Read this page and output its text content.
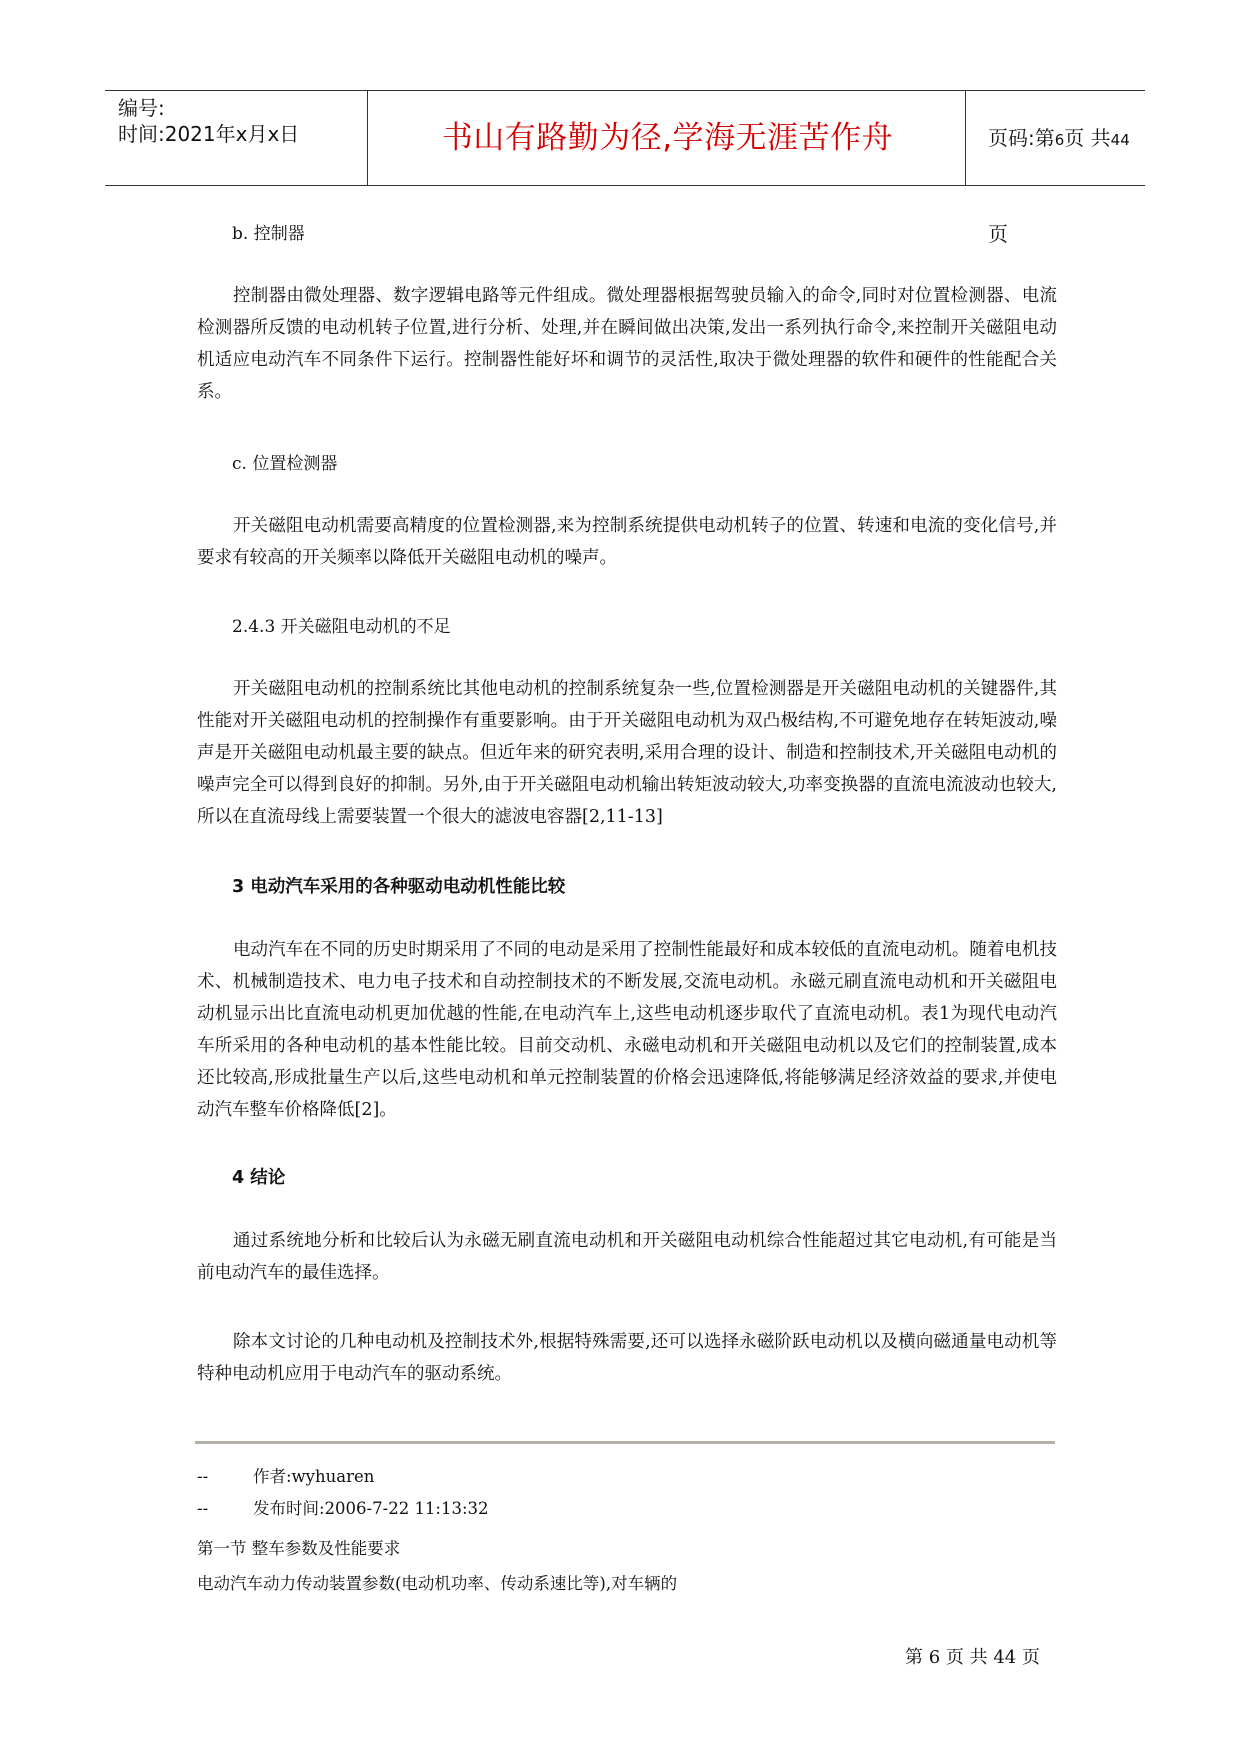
编号:
时间:2021年x月x日	书山有路勤为径,学海无涯苦作舟	页码:第6页 共44页
b. 控制器
控制器由微处理器、数字逻辑电路等元件组成。微处理器根据驾驶员输入的命令,同时对位置检测器、电流检测器所反馈的电动机转子位置,进行分析、处理,并在瞬间做出决策,发出一系列执行命令,来控制开关磁阻电动机适应电动汽车不同条件下运行。控制器性能好坏和调节的灵活性,取决于微处理器的软件和硬件的性能配合关系。
c. 位置检测器
开关磁阻电动机需要高精度的位置检测器,来为控制系统提供电动机转子的位置、转速和电流的变化信号,并要求有较高的开关频率以降低开关磁阻电动机的噪声。
2.4.3 开关磁阻电动机的不足
开关磁阻电动机的控制系统比其他电动机的控制系统复杂一些,位置检测器是开关磁阻电动机的关键器件,其性能对开关磁阻电动机的控制操作有重要影响。由于开关磁阻电动机为双凸极结构,不可避免地存在转矩波动,噪声是开关磁阻电动机最主要的缺点。但近年来的研究表明,采用合理的设计、制造和控制技术,开关磁阻电动机的噪声完全可以得到良好的抑制。另外,由于开关磁阻电动机输出转矩波动较大,功率变换器的直流电流波动也较大,所以在直流母线上需要装置一个很大的滤波电容器[2,11-13]
3 电动汽车采用的各种驱动电动机性能比较
电动汽车在不同的历史时期采用了不同的电动是采用了控制性能最好和成本较低的直流电动机。随着电机技术、机械制造技术、电力电子技术和自动控制技术的不断发展,交流电动机。永磁元刷直流电动机和开关磁阻电动机显示出比直流电动机更加优越的性能,在电动汽车上,这些电动机逐步取代了直流电动机。表1为现代电动汽车所采用的各种电动机的基本性能比较。目前交动机、永磁电动机和开关磁阻电动机以及它们的控制装置,成本还比较高,形成批量生产以后,这些电动机和单元控制装置的价格会迅速降低,将能够满足经济效益的要求,并使电动汽车整车价格降低[2]。
4 结论
通过系统地分析和比较后认为永磁无刷直流电动机和开关磁阻电动机综合性能超过其它电动机,有可能是当前电动汽车的最佳选择。
除本文讨论的几种电动机及控制技术外,根据特殊需要,还可以选择永磁阶跃电动机以及横向磁通量电动机等特种电动机应用于电动汽车的驱动系统。
--	作者:wyhuaren
--	发布时间:2006-7-22 11:13:32
第一节 整车参数及性能要求
电动汽车动力传动装置参数(电动机功率、传动系速比等),对车辆的
第 6 页 共 44 页
